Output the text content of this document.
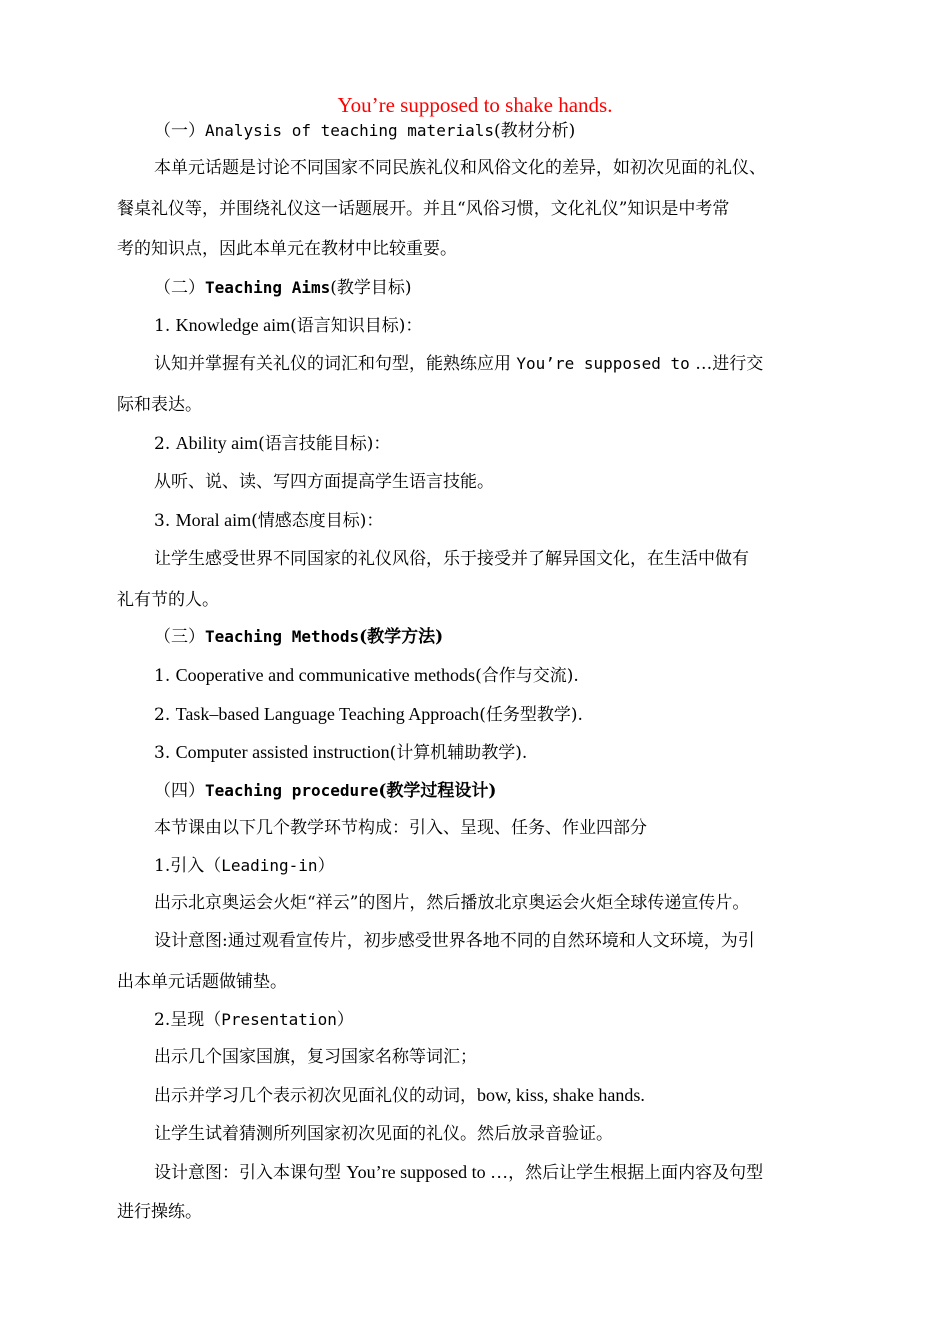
You’re supposed to shake hands.
（一）Analysis of teaching materials(教材分析)
本单元话题是讨论不同国家不同民族礼仪和风俗文化的差异，如初次见面的礼仪、
餐桌礼仪等，并围绕礼仪这一话题展开。并且“风俗习惯，文化礼仪”知识是中考常
考的知识点，因此本单元在教材中比较重要。
（二）Teaching Aims(教学目标)
1. Knowledge aim(语言知识目标)：
认知并掌握有关礼仪的词汇和句型，能熟练应用 You’re supposed to …进行交
际和表达。
2. Ability aim(语言技能目标)：
从听、说、读、写四方面提高学生语言技能。
3. Moral aim(情感态度目标)：
让学生感受世界不同国家的礼仪风俗，乐于接受并了解异国文化，在生活中做有
礼有节的人。
（三）Teaching Methods(教学方法)
1. Cooperative and communicative methods(合作与交流).
2. Task–based Language Teaching Approach(任务型教学).
3. Computer assisted instruction(计算机辅助教学).
（四）Teaching procedure(教学过程设计)
本节课由以下几个教学环节构成：引入、呈现、任务、作业四部分
1.引入（Leading-in）
出示北京奥运会火炬“祥云”的图片，然后播放北京奥运会火炬全球传递宣传片。
设计意图:通过观看宣传片，初步感受世界各地不同的自然环境和人文环境，为引
出本单元话题做铺垫。
2.呈现（Presentation）
出示几个国家国旗，复习国家名称等词汇；
出示并学习几个表示初次见面礼仪的动词，bow, kiss, shake hands.
让学生试着猜测所列国家初次见面的礼仪。然后放录音验证。
设计意图：引入本课句型 You’re supposed to …，然后让学生根据上面内容及句型
进行操练。
